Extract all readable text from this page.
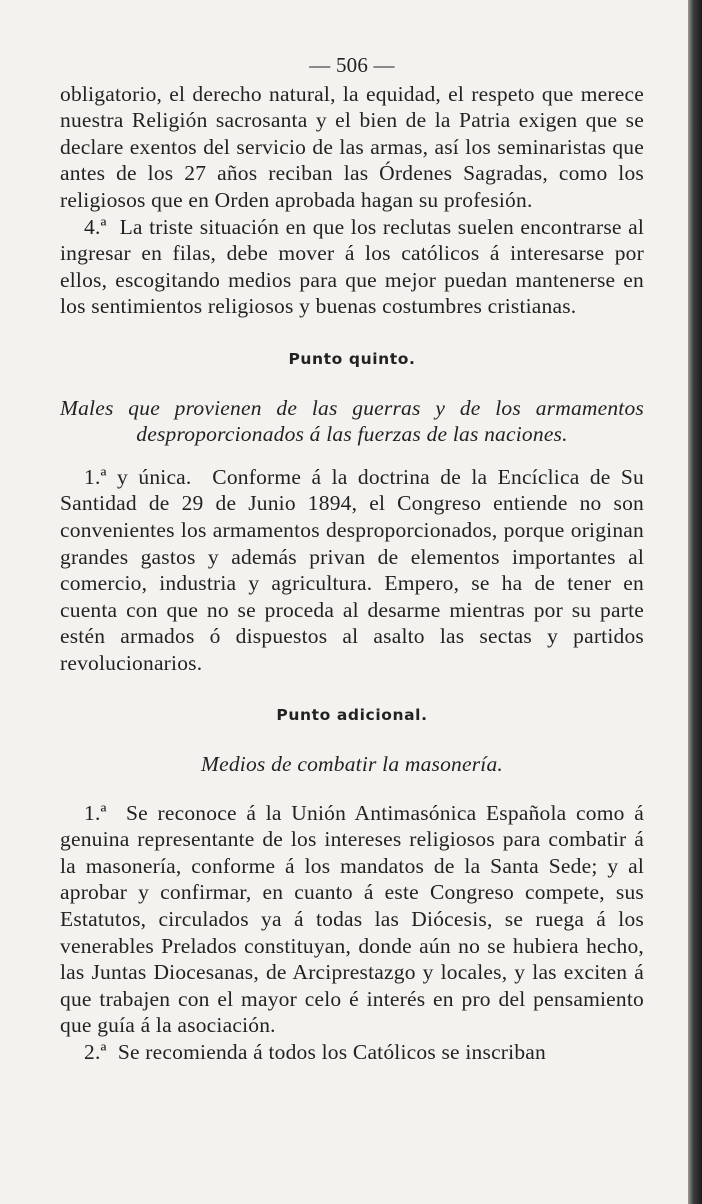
— 506 —

obligatorio, el derecho natural, la equidad, el respeto que merece nuestra Religión sacrosanta y el bien de la Patria exigen que se declare exentos del servicio de las armas, así los seminaristas que antes de los 27 años reciban las Órdenes Sagradas, como los religiosos que en Orden aprobada hagan su profesión.

4.ª La triste situación en que los reclutas suelen encontrarse al ingresar en filas, debe mover á los católicos á interesarse por ellos, escogitando medios para que mejor puedan mantenerse en los sentimientos religiosos y buenas costumbres cristianas.

Punto quinto.

Males que provienen de las guerras y de los armamentos desproporcionados á las fuerzas de las naciones.

1.ª y única. Conforme á la doctrina de la Encíclica de Su Santidad de 29 de Junio 1894, el Congreso entiende no son convenientes los armamentos desproporcionados, porque originan grandes gastos y además privan de elementos importantes al comercio, industria y agricultura. Empero, se ha de tener en cuenta con que no se proceda al desarme mientras por su parte estén armados ó dispuestos al asalto las sectas y partidos revolucionarios.

Punto adicional.

Medios de combatir la masonería.

1.ª Se reconoce á la Unión Antimasónica Española como á genuina representante de los intereses religiosos para combatir á la masonería, conforme á los mandatos de la Santa Sede; y al aprobar y confirmar, en cuanto á este Congreso compete, sus Estatutos, circulados ya á todas las Diócesis, se ruega á los venerables Prelados constituyan, donde aún no se hubiera hecho, las Juntas Diocesanas, de Arciprestazgo y locales, y las exciten á que trabajen con el mayor celo é interés en pro del pensamiento que guía á la asociación.

2.ª Se recomienda á todos los Católicos se inscriban
